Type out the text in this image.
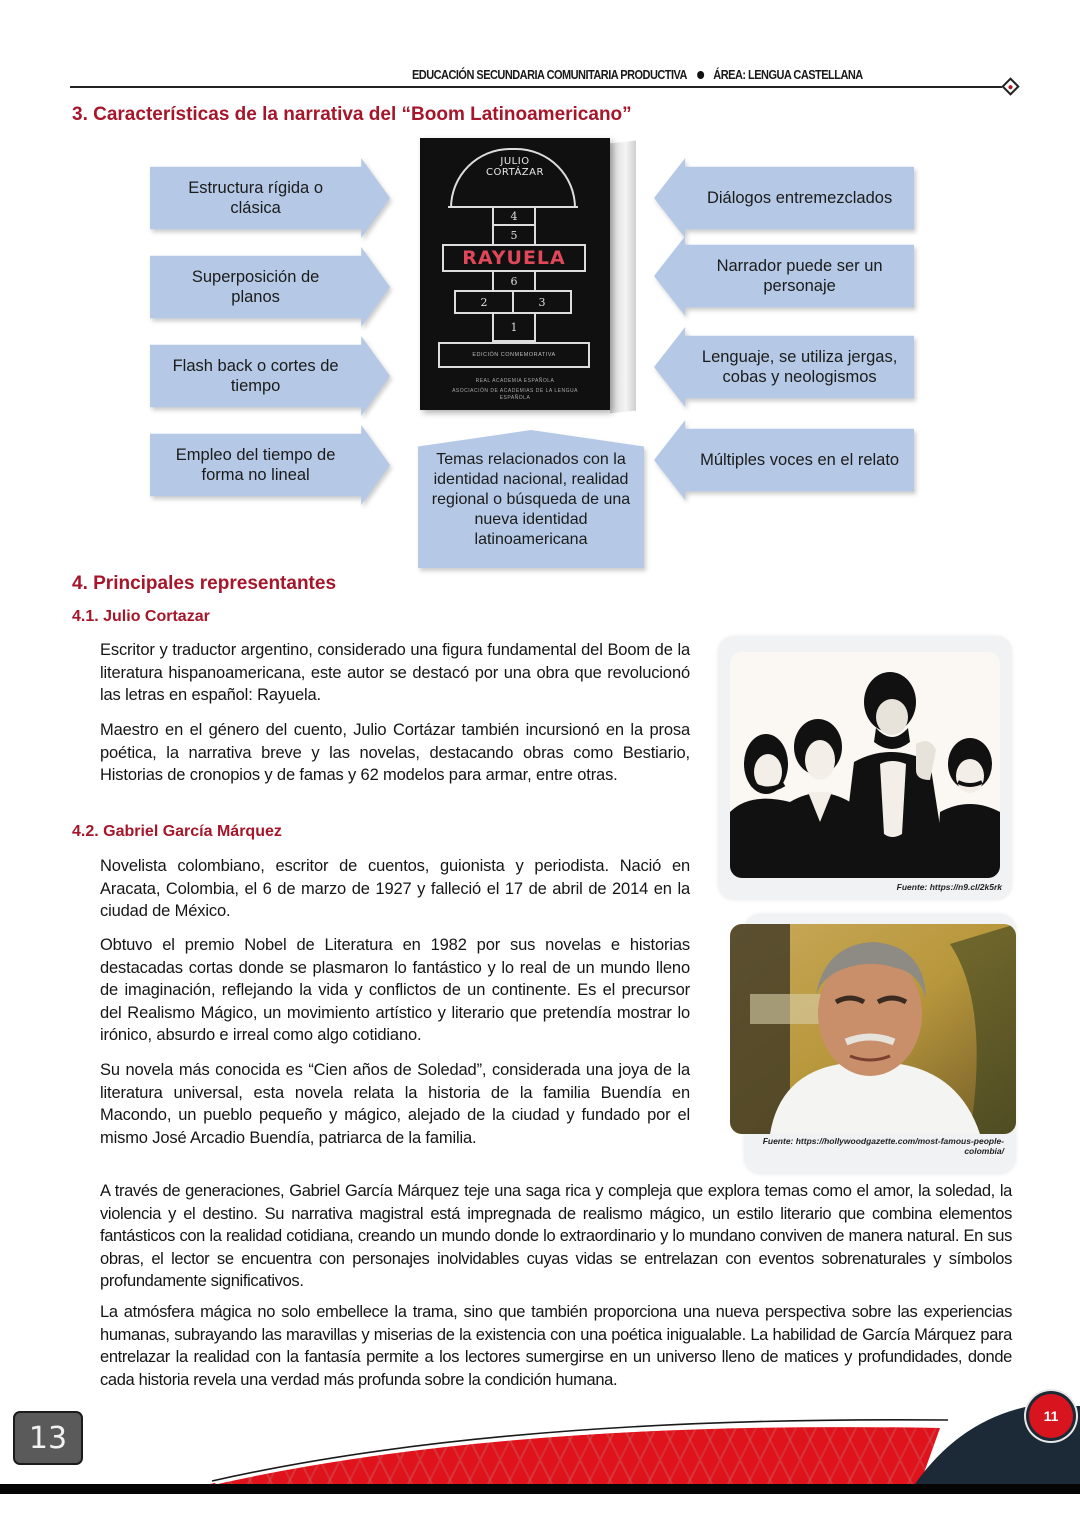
EDUCACIÓN SECUNDARIA COMUNITARIA PRODUCTIVA ÁREA: LENGUA CASTELLANA
3. Características de la narrativa del “Boom Latinoamericano”
Estructura rígida o clásica
Superposición de planos
Flash back o cortes de tiempo
Empleo del tiempo de forma no lineal
Diálogos entremezclados
Narrador puede ser un personaje
Lenguaje, se utiliza jergas, cobas y neologismos
Múltiples voces en el relato
JULIO
CORTÁZAR
4
5
RAYUELA
6
2	3
1
EDICIÓN CONMEMORATIVA
REAL ACADEMIA ESPAÑOLA
ASOCIACIÓN DE ACADEMIAS DE LA LENGUA ESPAÑOLA
Temas relacionados con la identidad nacional, realidad regional o búsqueda de una nueva identidad latinoamericana
4. Principales representantes
4.1. Julio Cortazar

Escritor y traductor argentino, considerado una figura fundamental del Boom de la literatura hispanoamericana, este autor se destacó por una obra que revolucionó las letras en español: Rayuela.

Maestro en el género del cuento, Julio Cortázar también incursionó en la prosa poética, la narrativa breve y las novelas, destacando obras como Bestiario, Historias de cronopios y de famas y 62 modelos para armar, entre otras.

4.2. Gabriel García Márquez

Novelista colombiano, escritor de cuentos, guionista y periodista. Nació en Aracata, Colombia, el 6 de marzo de 1927 y falleció el 17 de abril de 2014 en la ciudad de México.

Obtuvo el premio Nobel de Literatura en 1982 por sus novelas e historias destacadas cortas donde se plasmaron lo fantástico y lo real de un mundo lleno de imaginación, reflejando la vida y conflictos de un continente. Es el precursor del Realismo Mágico, un movimiento artístico y literario que pretendía mostrar lo irónico, absurdo e irreal como algo cotidiano.

Su novela más conocida es “Cien años de Soledad”, considerada una joya de la literatura universal, esta novela relata la historia de la familia Buendía en Macondo, un pueblo pequeño y mágico, alejado de la ciudad y fundado por el mismo José Arcadio Buendía, patriarca de la familia.

A través de generaciones, Gabriel García Márquez teje una saga rica y compleja que explora temas como el amor, la soledad, la violencia y el destino. Su narrativa magistral está impregnada de realismo mágico, un estilo literario que combina elementos fantásticos con la realidad cotidiana, creando un mundo donde lo extraordinario y lo mundano conviven de manera natural. En sus obras, el lector se encuentra con personajes inolvidables cuyas vidas se entrelazan con eventos sobrenaturales y símbolos profundamente significativos.

La atmósfera mágica no solo embellece la trama, sino que también proporciona una nueva perspectiva sobre las experiencias humanas, subrayando las maravillas y miserias de la existencia con una poética inigualable. La habilidad de García Márquez para entrelazar la realidad con la fantasía permite a los lectores sumergirse en un universo lleno de matices y profundidades, donde cada historia revela una verdad más profunda sobre la condición humana.

Fuente: https://n9.cl/2k5rk
Fuente: https://hollywoodgazette.com/most-famous-people-colombia/
13
11
